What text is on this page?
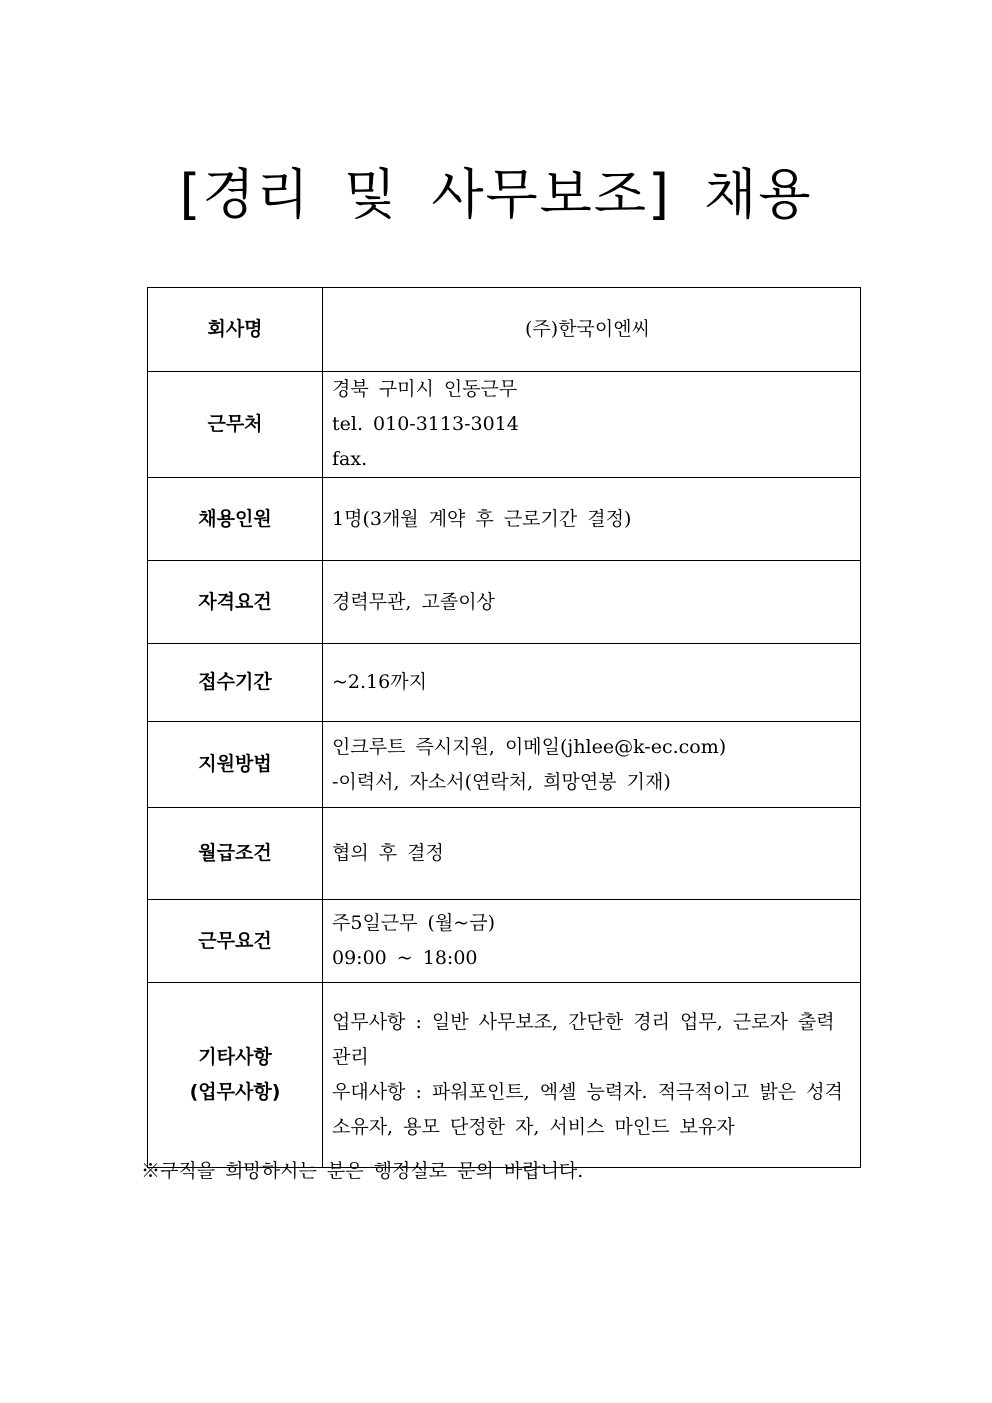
[경리 및 사무보조] 채용
회사명	(주)한국이엔씨

근무처	경북 구미시 인동근무
tel. 010-3113-3014
fax.

채용인원	1명(3개월 계약 후 근로기간 결정)

자격요건	경력무관, 고졸이상

접수기간	~2.16까지

지원방법	인크루트 즉시지원, 이메일(jhlee@k-ec.com)
-이력서, 자소서(연락처, 희망연봉 기재)

월급조건	협의 후 결정

근무요건	주5일근무 (월~금)
09:00 ~ 18:00

기타사항
(업무사항)	업무사항 : 일반 사무보조, 간단한 경리 업무, 근로자 출력 관리
우대사항 : 파워포인트, 엑셀 능력자. 적극적이고 밝은 성격 소유자, 용모 단정한 자, 서비스 마인드 보유자
※구직을 희망하시는 분은 행정실로 문의 바랍니다.
